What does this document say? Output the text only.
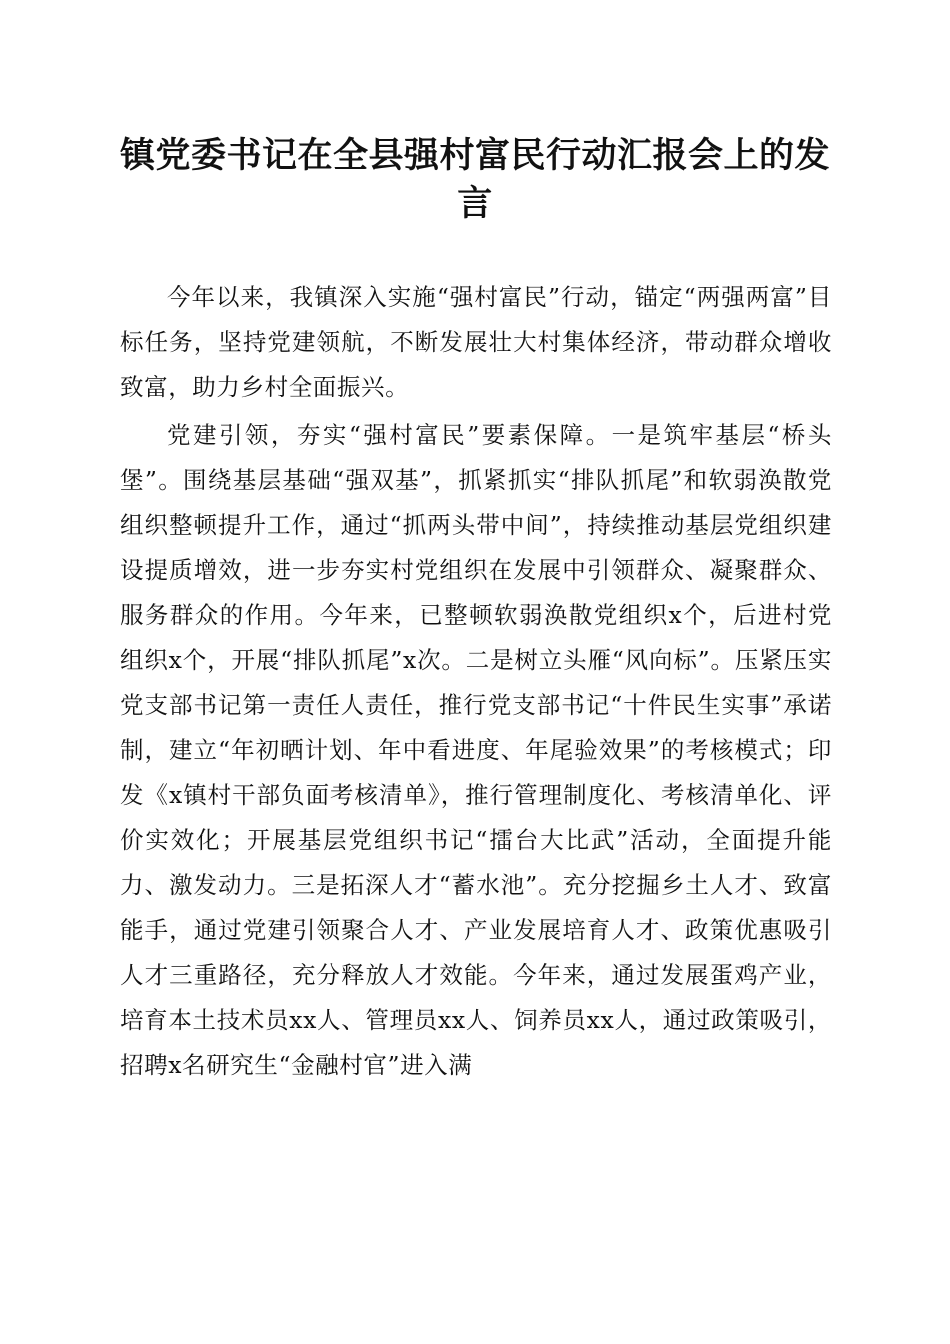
镇党委书记在全县强村富民行动汇报会上的发言

今年以来，我镇深入实施“强村富民”行动，锚定“两强两富”目标任务，坚持党建领航，不断发展壮大村集体经济，带动群众增收致富，助力乡村全面振兴。

党建引领，夯实“强村富民”要素保障。一是筑牢基层“桥头堡”。围绕基层基础“强双基”，抓紧抓实“排队抓尾”和软弱涣散党组织整顿提升工作，通过“抓两头带中间”，持续推动基层党组织建设提质增效，进一步夯实村党组织在发展中引领群众、凝聚群众、服务群众的作用。今年来，已整顿软弱涣散党组织x个，后进村党组织x个，开展“排队抓尾”x次。二是树立头雁“风向标”。压紧压实党支部书记第一责任人责任，推行党支部书记“十件民生实事”承诺制，建立“年初晒计划、年中看进度、年尾验效果”的考核模式；印发《x镇村干部负面考核清单》，推行管理制度化、考核清单化、评价实效化；开展基层党组织书记“擂台大比武”活动，全面提升能力、激发动力。三是拓深人才“蓄水池”。充分挖掘乡土人才、致富能手，通过党建引领聚合人才、产业发展培育人才、政策优惠吸引人才三重路径，充分释放人才效能。今年来，通过发展蛋鸡产业，培育本土技术员xx人、管理员xx人、饲养员xx人，通过政策吸引，招聘x名研究生“金融村官”进入满
